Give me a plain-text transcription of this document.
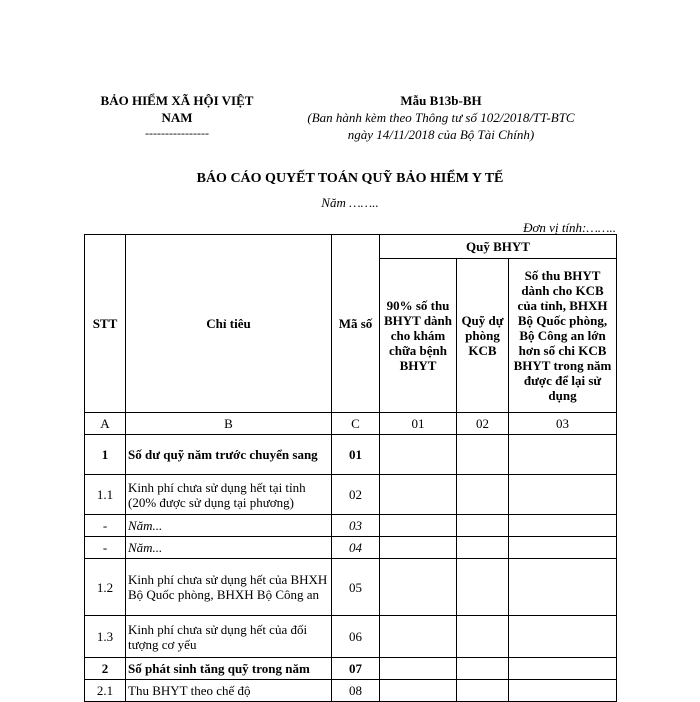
BẢO HIỂM XÃ HỘI VIỆT NAM
----------------
Mẫu B13b-BH
(Ban hành kèm theo Thông tư số 102/2018/TT-BTC
ngày 14/11/2018 của Bộ Tài Chính)
BÁO CÁO QUYẾT TOÁN QUỸ BẢO HIỂM Y TẾ
Năm ……..
Đơn vị tính:……..
STT	Chỉ tiêu	Mã số	Quỹ BHYT		
			90% số thu BHYT dành cho khám chữa bệnh BHYT	Quỹ dự phòng KCB	Số thu BHYT dành cho KCB của tỉnh, BHXH Bộ Quốc phòng, Bộ Công an lớn hơn số chi KCB BHYT trong năm được để lại sử dụng
A	B	C	01	02	03
1	Số dư quỹ năm trước chuyển sang	01			
1.1	Kinh phí chưa sử dụng hết tại tỉnh (20% được sử dụng tại phương)	02			
-	Năm...	03			
-	Năm...	04			
1.2	Kinh phí chưa sử dụng hết của BHXH Bộ Quốc phòng, BHXH Bộ Công an	05			
1.3	Kinh phí chưa sử dụng hết của đối tượng cơ yếu	06			
2	Số phát sinh tăng quỹ trong năm	07			
2.1	Thu BHYT theo chế độ	08			
